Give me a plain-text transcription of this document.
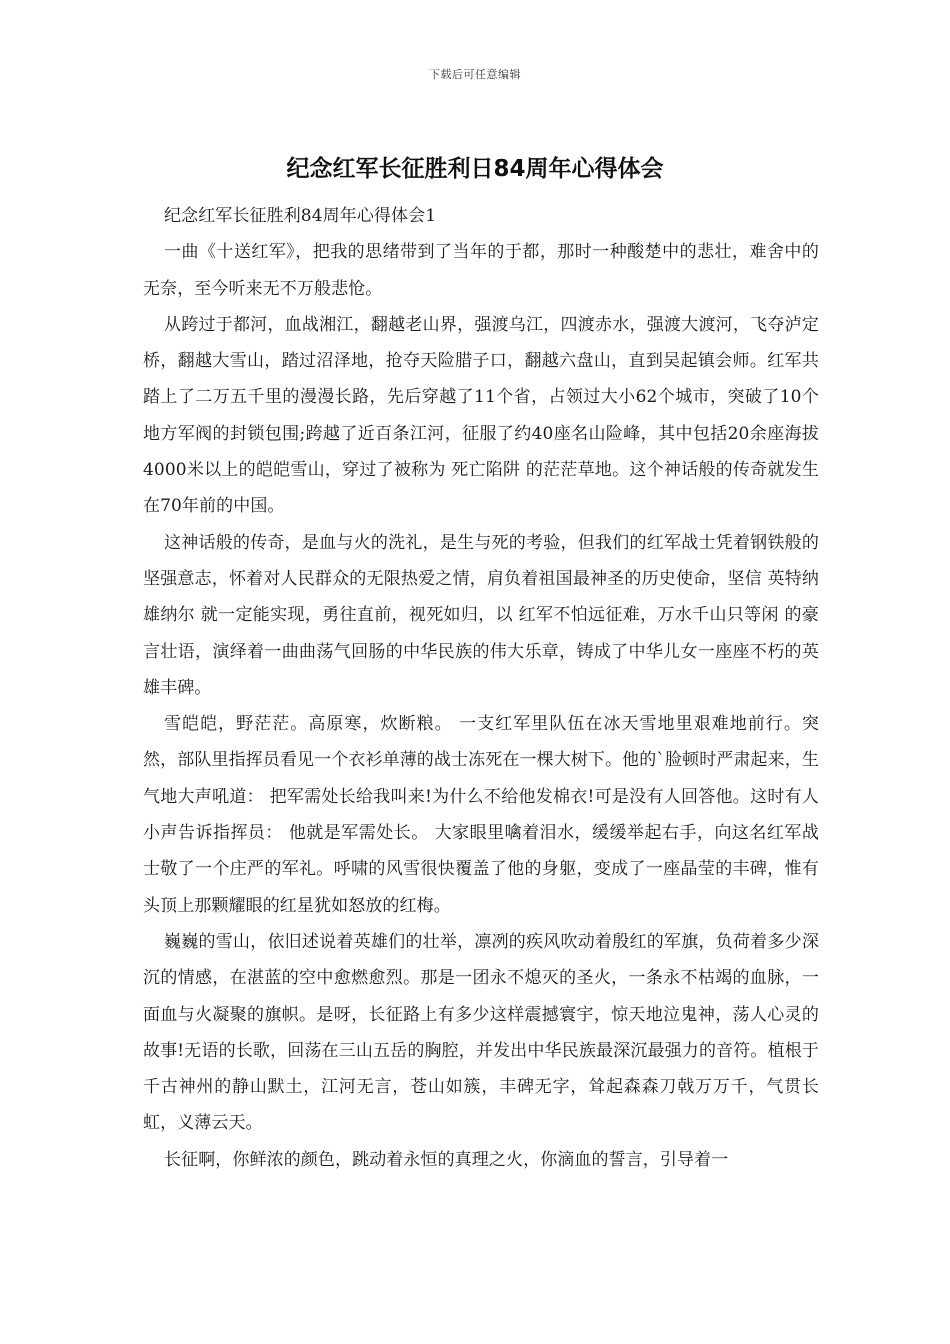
下载后可任意编辑
纪念红军长征胜利日84周年心得体会

纪念红军长征胜利84周年心得体会1

一曲《十送红军》，把我的思绪带到了当年的于都，那时一种酸楚中的悲壮，难舍中的无奈，至今听来无不万般悲怆。

从跨过于都河，血战湘江，翻越老山界，强渡乌江，四渡赤水，强渡大渡河，飞夺泸定桥，翻越大雪山，踏过沼泽地，抢夺天险腊子口，翻越六盘山，直到吴起镇会师。红军共踏上了二万五千里的漫漫长路，先后穿越了11个省，占领过大小62个城市，突破了10个地方军阀的封锁包围;跨越了近百条江河，征服了约40座名山险峰，其中包括20余座海拔4000米以上的皑皑雪山，穿过了被称为 死亡陷阱 的茫茫草地。这个神话般的传奇就发生在70年前的中国。

这神话般的传奇，是血与火的洗礼，是生与死的考验，但我们的红军战士凭着钢铁般的坚强意志，怀着对人民群众的无限热爱之情，肩负着祖国最神圣的历史使命，坚信 英特纳雄纳尔 就一定能实现，勇往直前，视死如归，以 红军不怕远征难，万水千山只等闲 的豪言壮语，演绎着一曲曲荡气回肠的中华民族的伟大乐章，铸成了中华儿女一座座不朽的英雄丰碑。

雪皑皑，野茫茫。高原寒，炊断粮。 一支红军里队伍在冰天雪地里艰难地前行。突然，部队里指挥员看见一个衣衫单薄的战士冻死在一棵大树下。他的`脸顿时严肃起来，生气地大声吼道： 把军需处长给我叫来!为什么不给他发棉衣!可是没有人回答他。这时有人小声告诉指挥员： 他就是军需处长。 大家眼里噙着泪水，缓缓举起右手，向这名红军战士敬了一个庄严的军礼。呼啸的风雪很快覆盖了他的身躯，变成了一座晶莹的丰碑，惟有头顶上那颗耀眼的红星犹如怒放的红梅。

巍巍的雪山，依旧述说着英雄们的壮举，凛冽的疾风吹动着殷红的军旗，负荷着多少深沉的情感，在湛蓝的空中愈燃愈烈。那是一团永不熄灭的圣火，一条永不枯竭的血脉，一面血与火凝聚的旗帜。是呀，长征路上有多少这样震撼寰宇，惊天地泣鬼神，荡人心灵的故事!无语的长歌，回荡在三山五岳的胸腔，并发出中华民族最深沉最强力的音符。植根于千古神州的静山默土，江河无言，苍山如簇，丰碑无字，耸起森森刀戟万万千，气贯长虹，义薄云天。

长征啊，你鲜浓的颜色，跳动着永恒的真理之火，你滴血的誓言，引导着一
